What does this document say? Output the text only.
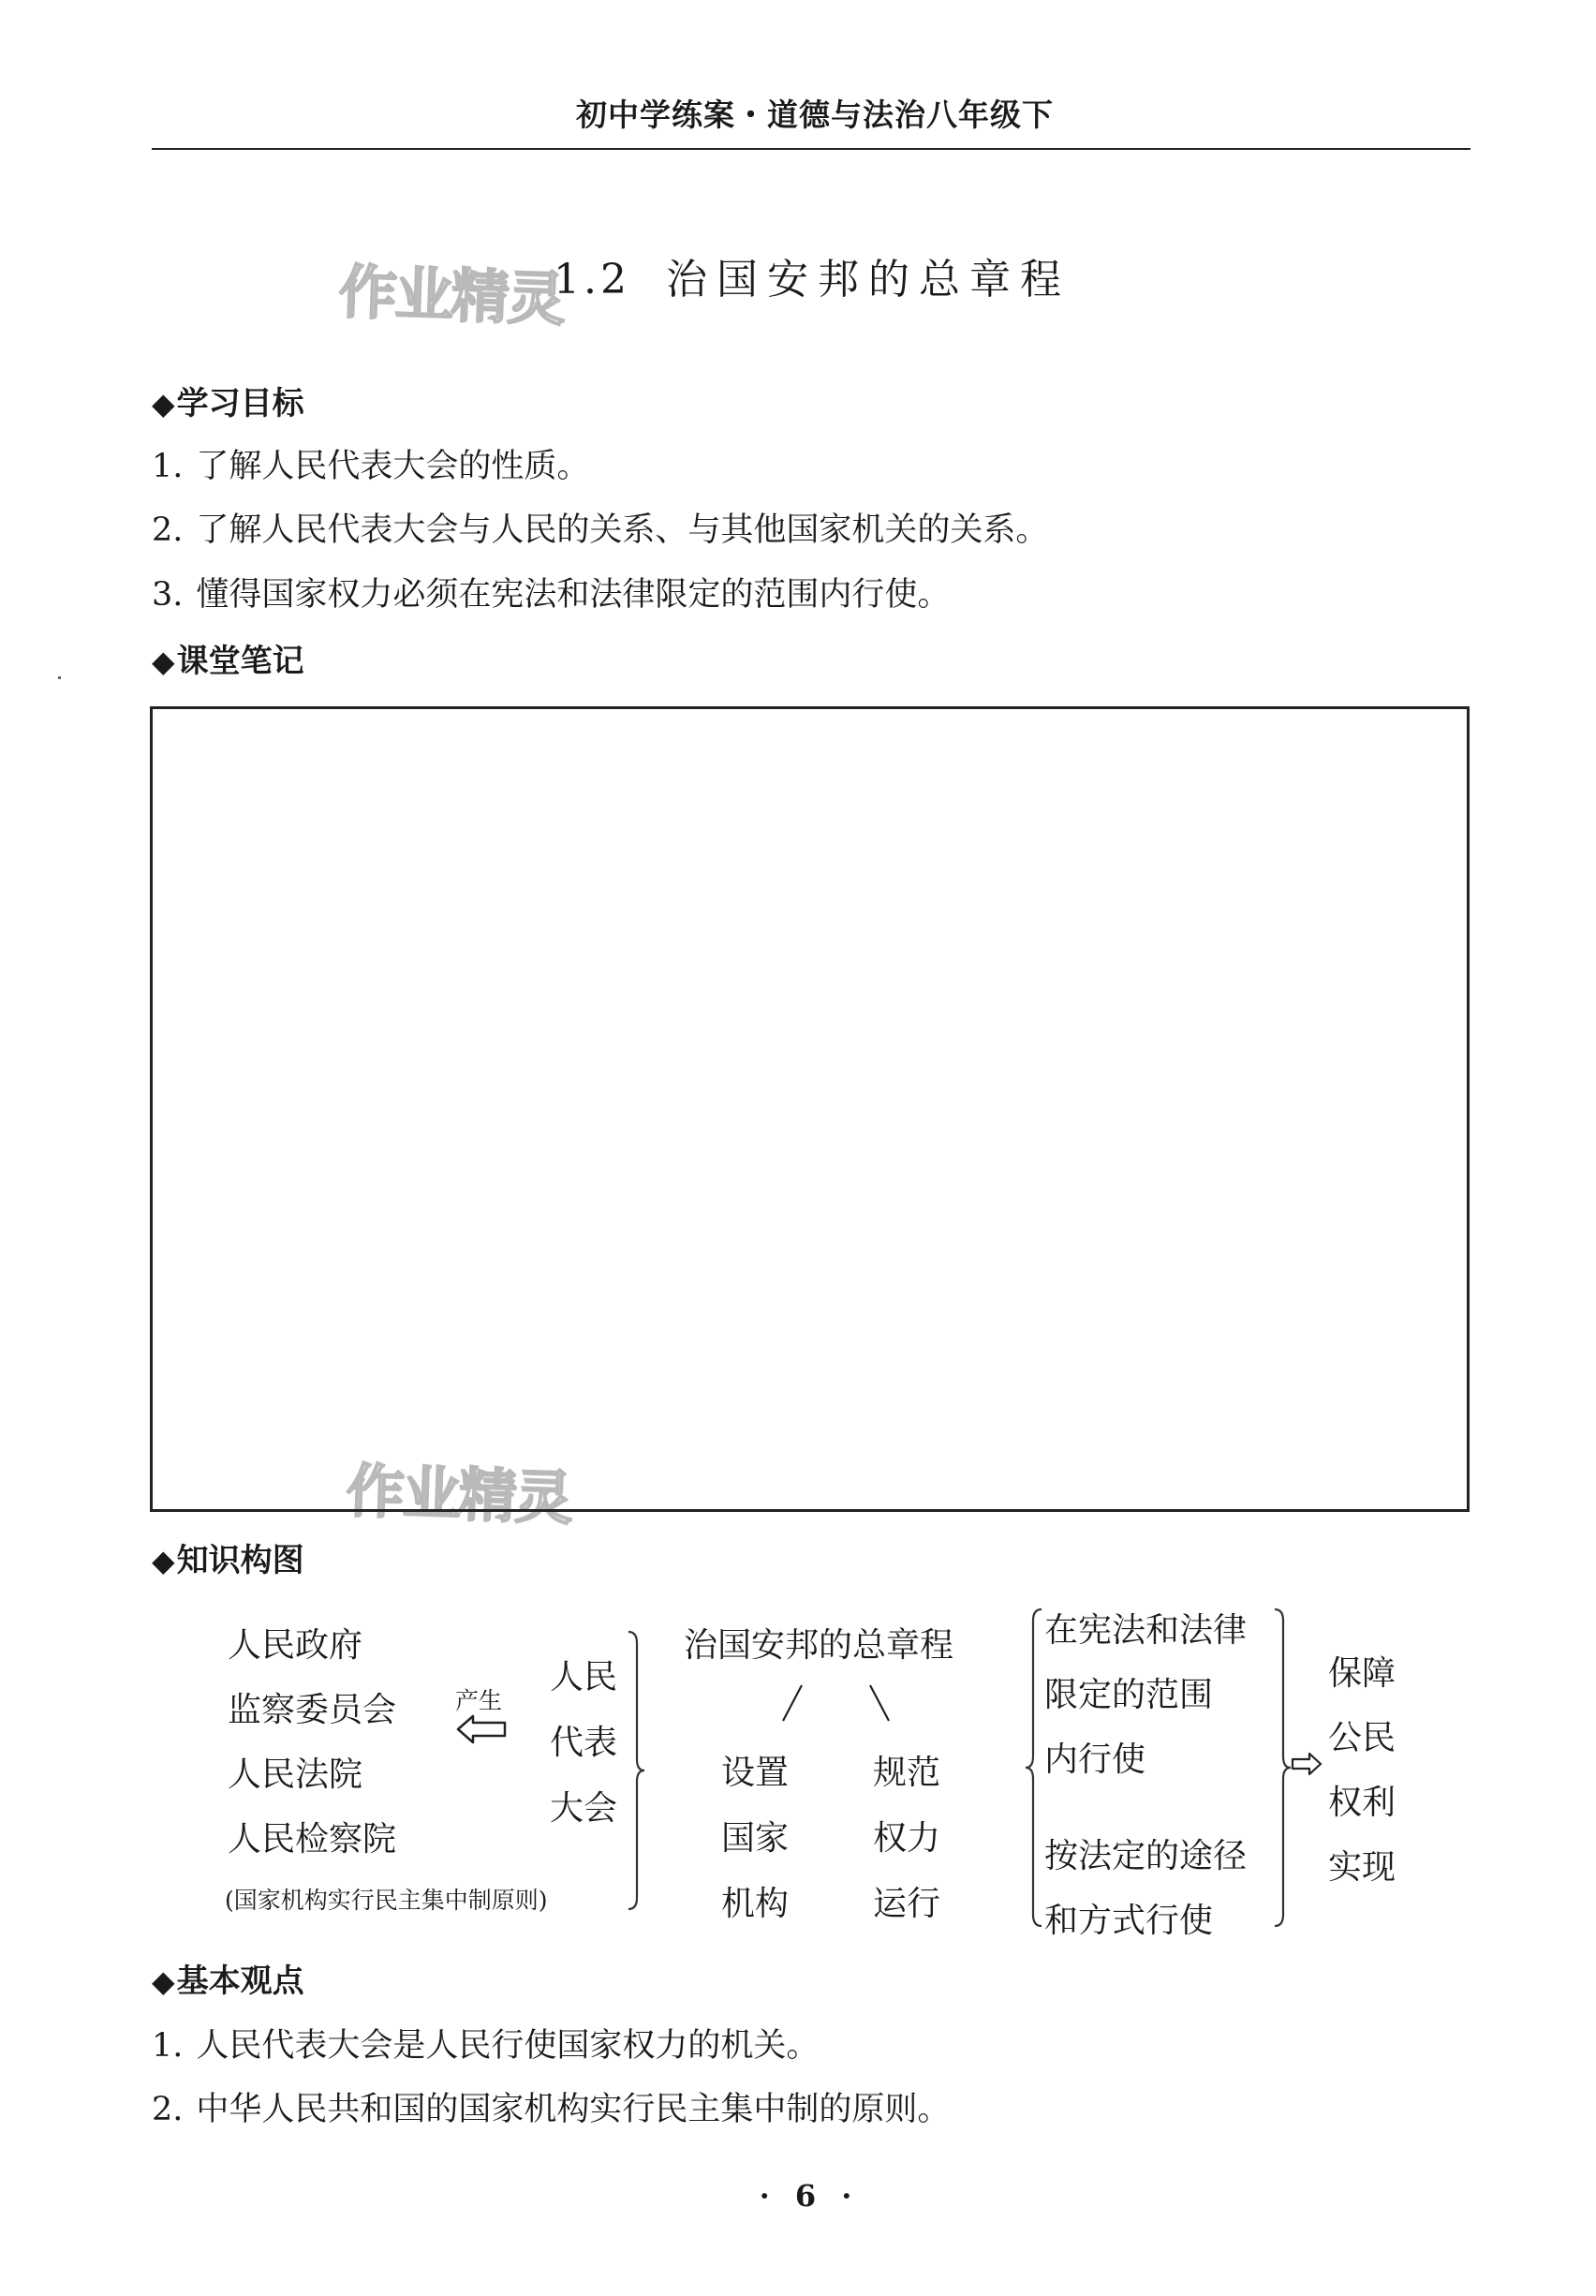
初中学练案・道德与法治八年级下
作业精灵
作业精灵
1.2 治国安邦的总章程
◆学习目标
1. 了解人民代表大会的性质。
2. 了解人民代表大会与人民的关系、与其他国家机关的关系。
3. 懂得国家权力必须在宪法和法律限定的范围内行使。
◆课堂笔记
◆知识构图
人民政府
监察委员会
人民法院
人民检察院
(国家机构实行民主集中制原则)
产生
人民
代表
大会
治国安邦的总章程
设置
国家
机构
规范
权力
运行
在宪法和法律
限定的范围
内行使
按法定的途径
和方式行使
保障
公民
权利
实现
◆基本观点
1. 人民代表大会是人民行使国家权力的机关。
2. 中华人民共和国的国家机构实行民主集中制的原则。
· 6 ·
